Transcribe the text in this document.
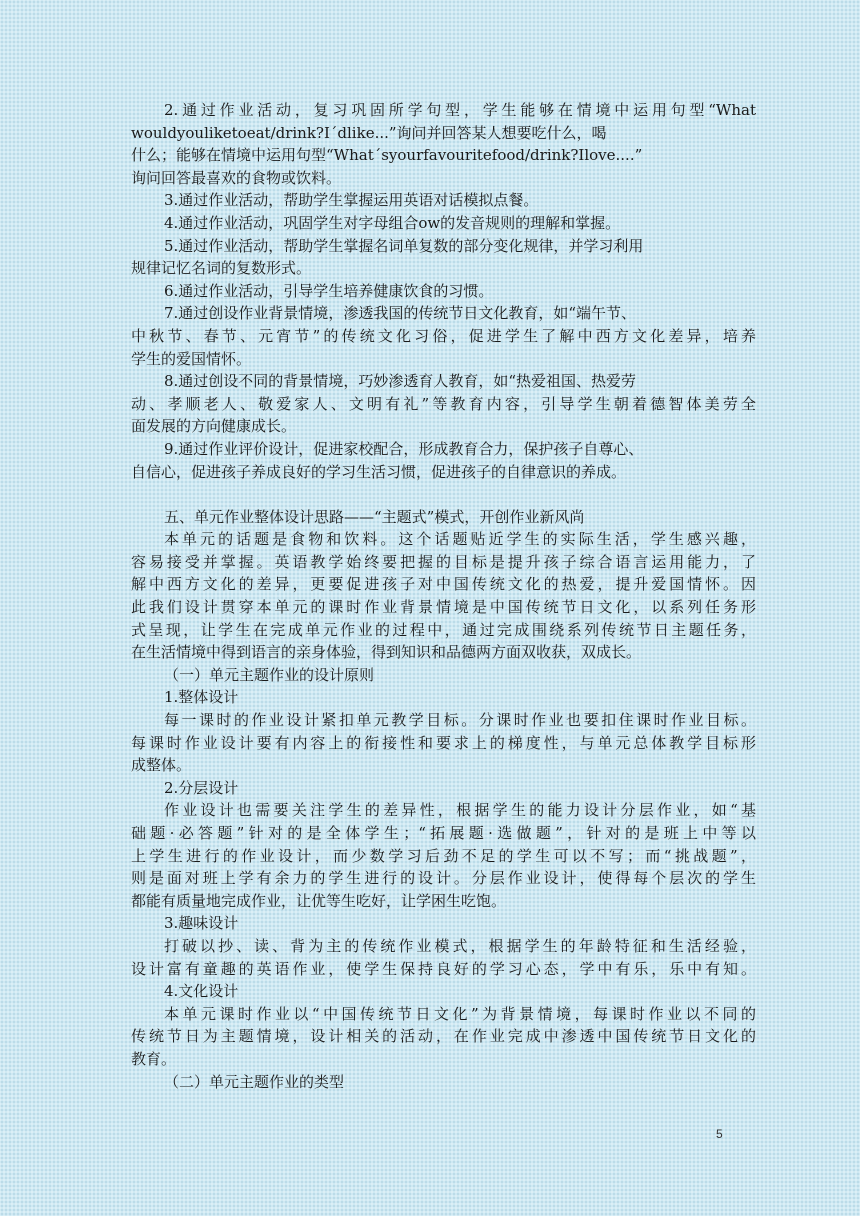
2.通过作业活动，复习巩固所学句型，学生能够在情境中运用句型“What
wouldyouliketoeat/drink?I´dlike...”询问并回答某人想要吃什么，喝
什么；能够在情境中运用句型“What´syourfavouritefood/drink?Ilove....”
询问回答最喜欢的食物或饮料。
3.通过作业活动，帮助学生掌握运用英语对话模拟点餐。
4.通过作业活动，巩固学生对字母组合ow的发音规则的理解和掌握。
5.通过作业活动，帮助学生掌握名词单复数的部分变化规律，并学习利用
规律记忆名词的复数形式。
6.通过作业活动，引导学生培养健康饮食的习惯。
7.通过创设作业背景情境，渗透我国的传统节日文化教育，如“端午节、
中秋节、春节、元宵节”的传统文化习俗，促进学生了解中西方文化差异，培养
学生的爱国情怀。
8.通过创设不同的背景情境，巧妙渗透育人教育，如“热爱祖国、热爱劳
动、孝顺老人、敬爱家人、文明有礼”等教育内容，引导学生朝着德智体美劳全
面发展的方向健康成长。
9.通过作业评价设计，促进家校配合，形成教育合力，保护孩子自尊心、
自信心，促进孩子养成良好的学习生活习惯，促进孩子的自律意识的养成。
五、单元作业整体设计思路——“主题式”模式，开创作业新风尚
本单元的话题是食物和饮料。这个话题贴近学生的实际生活，学生感兴趣，
容易接受并掌握。英语教学始终要把握的目标是提升孩子综合语言运用能力，了
解中西方文化的差异，更要促进孩子对中国传统文化的热爱，提升爱国情怀。因
此我们设计贯穿本单元的课时作业背景情境是中国传统节日文化，以系列任务形
式呈现，让学生在完成单元作业的过程中，通过完成围绕系列传统节日主题任务，
在生活情境中得到语言的亲身体验，得到知识和品德两方面双收获，双成长。
（一）单元主题作业的设计原则
1.整体设计
每一课时的作业设计紧扣单元教学目标。分课时作业也要扣住课时作业目标。
每课时作业设计要有内容上的衔接性和要求上的梯度性，与单元总体教学目标形
成整体。
2.分层设计
作业设计也需要关注学生的差异性，根据学生的能力设计分层作业，如“基
础题·必答题”针对的是全体学生；“拓展题·选做题”，针对的是班上中等以
上学生进行的作业设计，而少数学习后劲不足的学生可以不写；而“挑战题”，
则是面对班上学有余力的学生进行的设计。分层作业设计，使得每个层次的学生
都能有质量地完成作业，让优等生吃好，让学困生吃饱。
3.趣味设计
打破以抄、读、背为主的传统作业模式，根据学生的年龄特征和生活经验，
设计富有童趣的英语作业，使学生保持良好的学习心态，学中有乐，乐中有知。
4.文化设计
本单元课时作业以“中国传统节日文化”为背景情境，每课时作业以不同的
传统节日为主题情境，设计相关的活动，在作业完成中渗透中国传统节日文化的
教育。
（二）单元主题作业的类型
5
